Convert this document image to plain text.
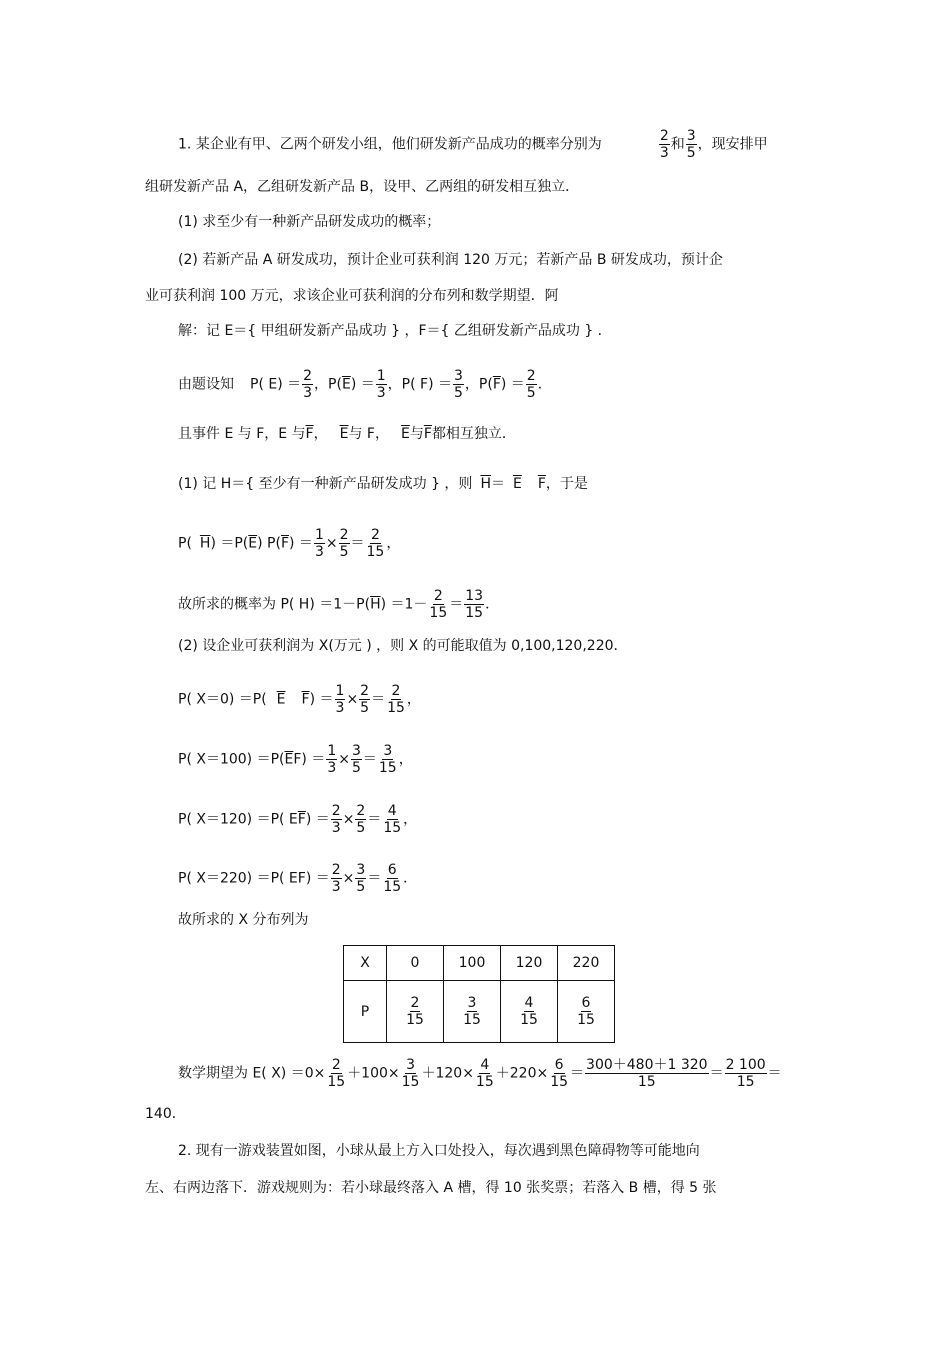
1. 某企业有甲、乙两个研发小组，他们研发新产品成功的概率分别为	$\frac{2}{3}$ 和 $\frac{3}{5}$ ，现安排甲
组研发新产品 A，乙组研发新产品 B，设甲、乙两组的研发相互独立．
(1) 求至少有一种新产品研发成功的概率；
(2) 若新产品 A 研发成功，预计企业可获利润 120 万元；若新产品 B 研发成功，预计企
业可获利润 100 万元，求该企业可获利润的分布列和数学期望．阿
解：记 E＝{ 甲组研发新产品成功 } ，F＝{ 乙组研发新产品成功 } ．
由题设知 P( $E) = \frac{2}{3}$ ，$P(\overline{E}) = \frac{1}{3}$ ，P( $F) = \frac{3}{5}$ ，$P(\overline{F}) = \frac{2}{5}$ ．
且事件 E 与 F，E 与$\overline{F}$， $\overline{E}$与 F， $\overline{E}$与$\overline{F}$都相互独立．
(1) 记 H＝{ 至少有一种新产品研发成功 } ，则 $\overline{H}= \overline{E}$ $\overline{F}$，于是
P( $\overline{H}) =P(\overline{E})$ $P(\overline{F}) = \frac{1}{3} \times \frac{2}{5} = \frac{2}{15}$ ，
故所求的概率为 P( $H) =1-P(\overline{H}) =1- \frac{2}{15} = \frac{13}{15}$ ．
(2) 设企业可获利润为 X(万元 ) ，则 X 的可能取值为 0,100,120,220．
P( X＝0) ＝P( $\overline{E}$ $\overline{F}) = \frac{1}{3} \times \frac{2}{5} = \frac{2}{15}$ ，
P( $X=100) =P(\overline{E}F) = \frac{1}{3} \times \frac{3}{5} = \frac{3}{15}$ ，
P( X＝120) ＝P( $E\overline{F}) = \frac{2}{3} \times \frac{2}{5} = \frac{4}{15}$ ，
P( X＝220) ＝P( $EF) = \frac{2}{3} \times \frac{3}{5} = \frac{6}{15}$ ．
故所求的 X 分布列为
X	0	100	120	220
P	$\frac{2}{15}$	$\frac{3}{15}$	$\frac{4}{15}$	$\frac{6}{15}$
数学期望为 E( $X) =0\times \frac{2}{15} +100\times \frac{3}{15} +120\times \frac{4}{15} +220\times \frac{6}{15} = \frac{300+480+1 320}{15} = \frac{2 100}{15}$ ＝
140．
2. 现有一游戏装置如图，小球从最上方入口处投入，每次遇到黑色障碍物等可能地向
左、右两边落下．游戏规则为：若小球最终落入 A 槽，得 10 张奖票；若落入 B 槽，得 5 张
